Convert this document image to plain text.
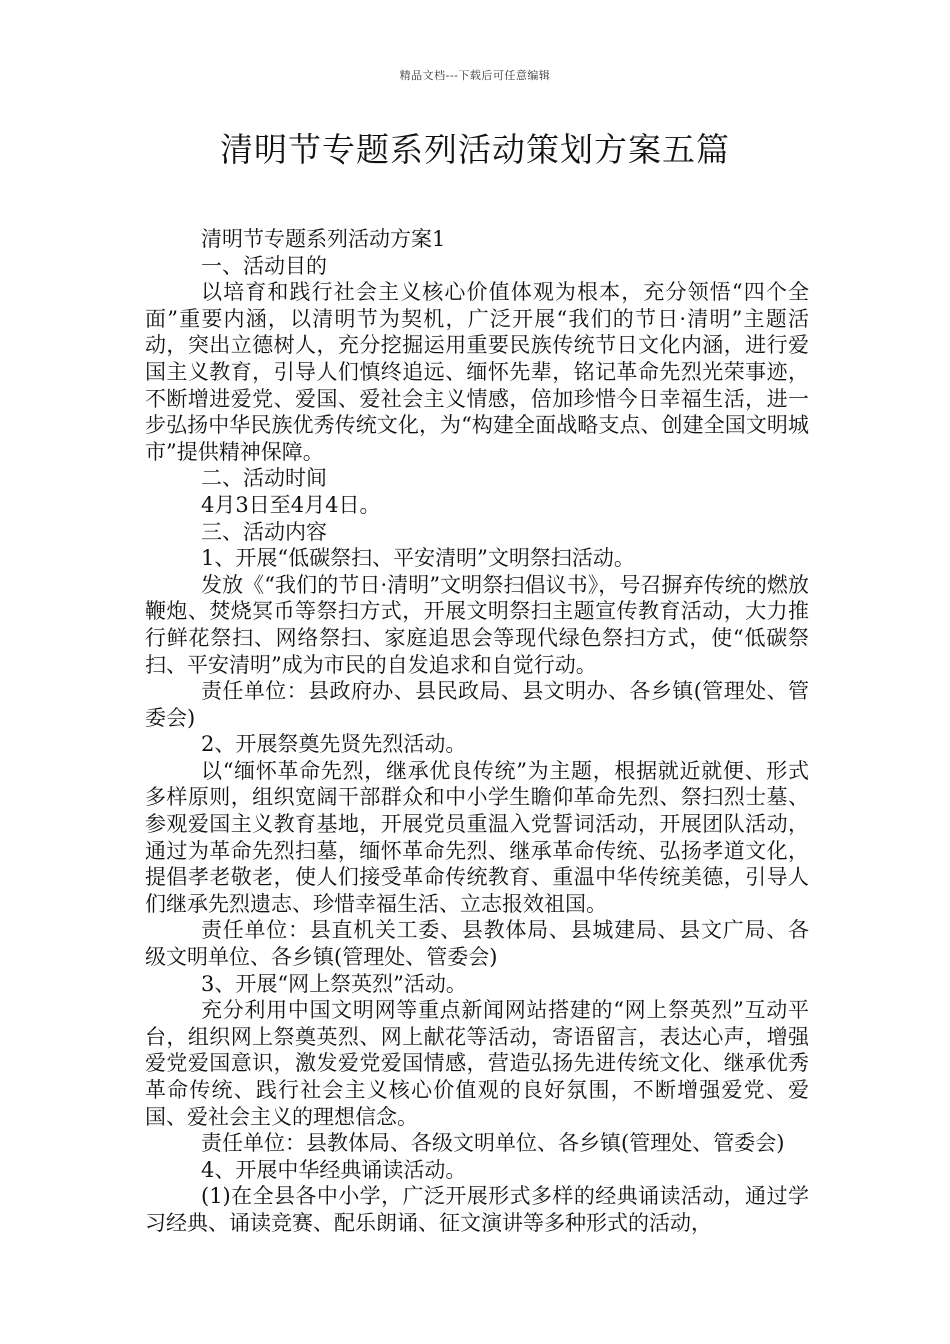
精品文档---下载后可任意编辑
清明节专题系列活动策划方案五篇

清明节专题系列活动方案1

一、活动目的

以培育和践行社会主义核心价值体观为根本，充分领悟“四个全面”重要内涵，以清明节为契机，广泛开展“我们的节日·清明”主题活动，突出立德树人，充分挖掘运用重要民族传统节日文化内涵，进行爱国主义教育，引导人们慎终追远、缅怀先辈，铭记革命先烈光荣事迹，不断增进爱党、爱国、爱社会主义情感，倍加珍惜今日幸福生活，进一步弘扬中华民族优秀传统文化，为“构建全面战略支点、创建全国文明城市”提供精神保障。

二、活动时间

4月3日至4月4日。

三、活动内容

1、开展“低碳祭扫、平安清明”文明祭扫活动。

发放《“我们的节日·清明”文明祭扫倡议书》，号召摒弃传统的燃放鞭炮、焚烧冥币等祭扫方式，开展文明祭扫主题宣传教育活动，大力推行鲜花祭扫、网络祭扫、家庭追思会等现代绿色祭扫方式，使“低碳祭扫、平安清明”成为市民的自发追求和自觉行动。

责任单位：县政府办、县民政局、县文明办、各乡镇(管理处、管委会)

2、开展祭奠先贤先烈活动。

以“缅怀革命先烈，继承优良传统”为主题，根据就近就便、形式多样原则，组织宽阔干部群众和中小学生瞻仰革命先烈、祭扫烈士墓、参观爱国主义教育基地，开展党员重温入党誓词活动，开展团队活动，通过为革命先烈扫墓，缅怀革命先烈、继承革命传统、弘扬孝道文化，提倡孝老敬老，使人们接受革命传统教育、重温中华传统美德，引导人们继承先烈遗志、珍惜幸福生活、立志报效祖国。

责任单位：县直机关工委、县教体局、县城建局、县文广局、各级文明单位、各乡镇(管理处、管委会)

3、开展“网上祭英烈”活动。

充分利用中国文明网等重点新闻网站搭建的“网上祭英烈”互动平台，组织网上祭奠英烈、网上献花等活动，寄语留言，表达心声，增强爱党爱国意识，激发爱党爱国情感，营造弘扬先进传统文化、继承优秀革命传统、践行社会主义核心价值观的良好氛围，不断增强爱党、爱国、爱社会主义的理想信念。

责任单位：县教体局、各级文明单位、各乡镇(管理处、管委会)

4、开展中华经典诵读活动。

(1)在全县各中小学，广泛开展形式多样的经典诵读活动，通过学习经典、诵读竞赛、配乐朗诵、征文演讲等多种形式的活动，
